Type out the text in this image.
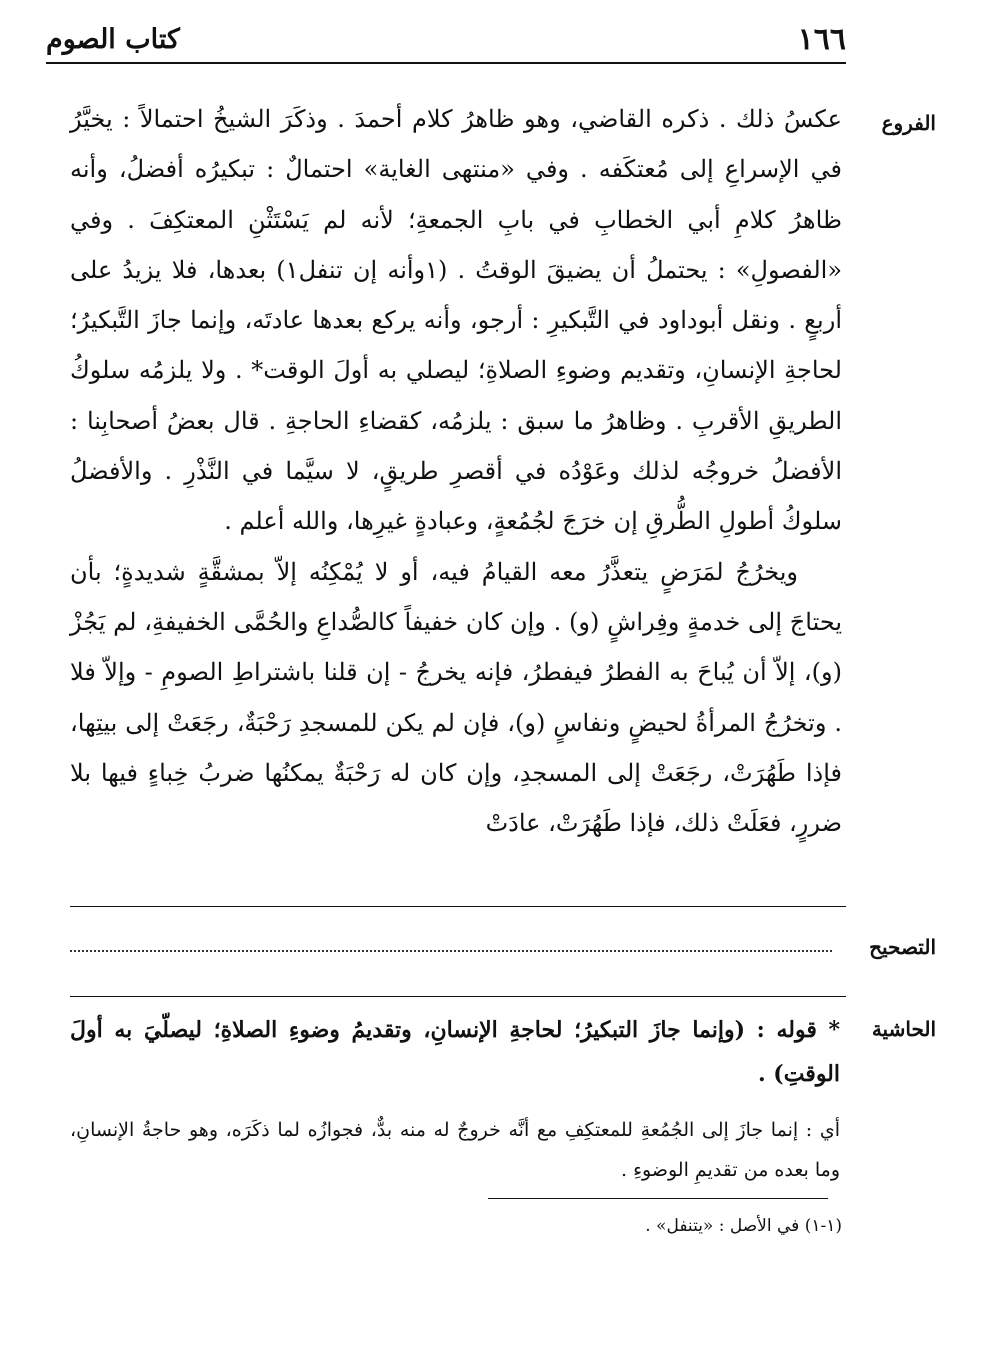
١٦٦
كتاب الصوم
الفروع

عكسُ ذلك . ذكره القاضي، وهو ظاهرُ كلام أحمدَ . وذكَرَ الشيخُ احتمالاً : يخيَّرُ في الإسراعِ إلى مُعتكَفه . وفي «منتهى الغاية» احتمالٌ : تبكيرُه أفضلُ، وأنه ظاهرُ كلامِ أبي الخطابِ في بابِ الجمعةِ؛ لأنه لم يَسْتَثْنِ المعتكِفَ . وفي «الفصولِ» : يحتملُ أن يضيقَ الوقتُ . (١وأنه إن تنفل١) بعدها، فلا يزيدُ على أربعٍ . ونقل أبوداود في التَّبكيرِ : أرجو، وأنه يركع بعدها عادتَه، وإنما جازَ التَّبكيرُ؛ لحاجةِ الإنسانِ، وتقديم وضوءِ الصلاةِ؛ ليصلي به أولَ الوقت* . ولا يلزمُه سلوكُ الطريقِ الأقربِ . وظاهرُ ما سبق : يلزمُه، كقضاءِ الحاجةِ . قال بعضُ أصحابِنا : الأفضلُ خروجُه لذلك وعَوْدُه في أقصرِ طريقٍ، لا سيَّما في النَّذْرِ . والأفضلُ سلوكُ أطولِ الطُّرقِ إن خرَجَ لجُمُعةٍ، وعبادةٍ غيرِها، والله أعلم .

ويخرُجُ لمَرَضٍ يتعذَّرُ معه القيامُ فيه، أو لا يُمْكِنُه إلاّ بمشقَّةٍ شديدةٍ؛ بأن يحتاجَ إلى خدمةٍ وفِراشٍ (و) . وإن كان خفيفاً كالصُّداعِ والحُمَّى الخفيفةِ، لم يَجُزْ (و)، إلاّ أن يُباحَ به الفطرُ فيفطرُ، فإنه يخرجُ - إن قلنا باشتراطِ الصومِ - وإلاّ فلا . وتخرُجُ المرأةُ لحيضٍ ونفاسٍ (و)، فإن لم يكن للمسجدِ رَحْبَةٌ، رجَعَتْ إلى بيتِها، فإذا طَهُرَتْ، رجَعَتْ إلى المسجدِ، وإن كان له رَحْبَةٌ يمكنُها ضربُ خِباءٍ فيها بلا ضررٍ، فعَلَتْ ذلك، فإذا طَهُرَتْ، عادَتْ

التصحيح
الحاشية

* قوله : (وإنما جازَ التبكيرُ؛ لحاجةِ الإنسانِ، وتقديمُ وضوءِ الصلاةِ؛ ليصلّيَ به أولَ الوقتِ) .

أي : إنما جازَ إلى الجُمُعةِ للمعتكِفِ مع أنَّه خروجٌ له منه بدٌّ، فجوازُه لما ذكَرَه، وهو حاجةُ الإنسانِ، وما بعده من تقديمِ الوضوءِ .

(١-١) في الأصل : «يتنفل» .
